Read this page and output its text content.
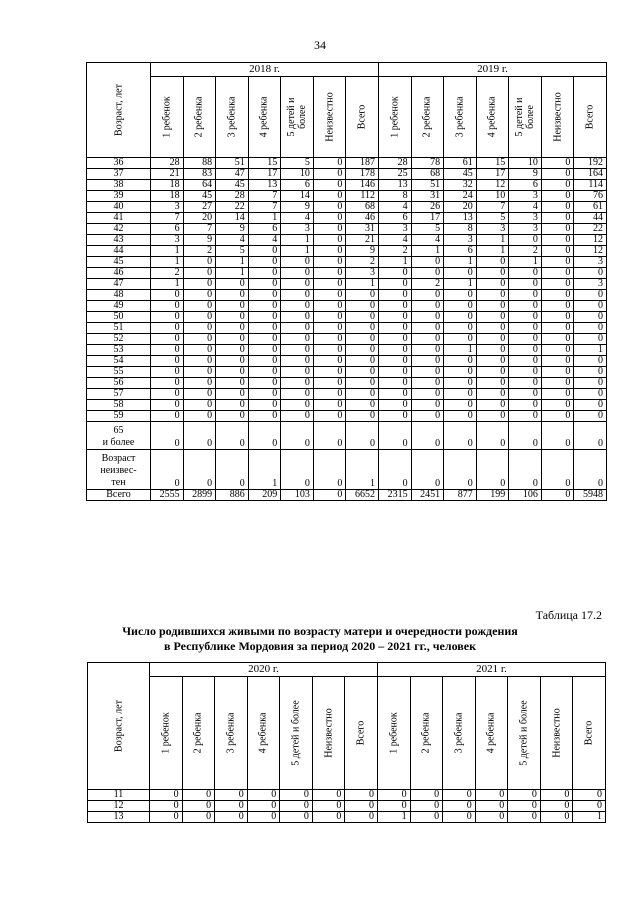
34
Возраст, лет	2018 г.							2019 г.						

	1 ребенок	2 ребенка	3 ребенка	4 ребенка	5 детей и
более	Неизвестно	Всего	1 ребенок	2 ребенка	3 ребенка	4 ребенка	5 детей и
более	Неизвестно	Всего

36	28	88	51	15	5	0	187	28	78	61	15	10	0	192
37	21	83	47	17	10	0	178	25	68	45	17	9	0	164
38	18	64	45	13	6	0	146	13	51	32	12	6	0	114
39	18	45	28	7	14	0	112	8	31	24	10	3	0	76
40	3	27	22	7	9	0	68	4	26	20	7	4	0	61
41	7	20	14	1	4	0	46	6	17	13	5	3	0	44
42	6	7	9	6	3	0	31	3	5	8	3	3	0	22
43	3	9	4	4	1	0	21	4	4	3	1	0	0	12
44	1	2	5	0	1	0	9	2	1	6	1	2	0	12
45	1	0	1	0	0	0	2	1	0	1	0	1	0	3
46	2	0	1	0	0	0	3	0	0	0	0	0	0	0
47	1	0	0	0	0	0	1	0	2	1	0	0	0	3
48	0	0	0	0	0	0	0	0	0	0	0	0	0	0
49	0	0	0	0	0	0	0	0	0	0	0	0	0	0
50	0	0	0	0	0	0	0	0	0	0	0	0	0	0
51	0	0	0	0	0	0	0	0	0	0	0	0	0	0
52	0	0	0	0	0	0	0	0	0	0	0	0	0	0
53	0	0	0	0	0	0	0	0	0	1	0	0	0	1
54	0	0	0	0	0	0	0	0	0	0	0	0	0	0
55	0	0	0	0	0	0	0	0	0	0	0	0	0	0
56	0	0	0	0	0	0	0	0	0	0	0	0	0	0
57	0	0	0	0	0	0	0	0	0	0	0	0	0	0
58	0	0	0	0	0	0	0	0	0	0	0	0	0	0
59	0	0	0	0	0	0	0	0	0	0	0	0	0	0
65
и более	0	0	0	0	0	0	0	0	0	0	0	0	0	0
Возраст
неизвес-
тен	0	0	0	1	0	0	1	0	0	0	0	0	0	0
Всего	2555	2899	886	209	103	0	6652	2315	2451	877	199	106	0	5948
Таблица 17.2
Число родившихся живыми по возрасту матери и очередности рождения
в Республике Мордовия за период 2020 – 2021 гг., человек
Возраст, лет	2020 г.							2021 г.						

	1 ребенок	2 ребенка	3 ребенка	4 ребенка	5 детей и более	Неизвестно	Всего	1 ребенок	2 ребенка	3 ребенка	4 ребенка	5 детей и более	Неизвестно	Всего

11	0	0	0	0	0	0	0	0	0	0	0	0	0	0
12	0	0	0	0	0	0	0	0	0	0	0	0	0	0
13	0	0	0	0	0	0	0	1	0	0	0	0	0	1
